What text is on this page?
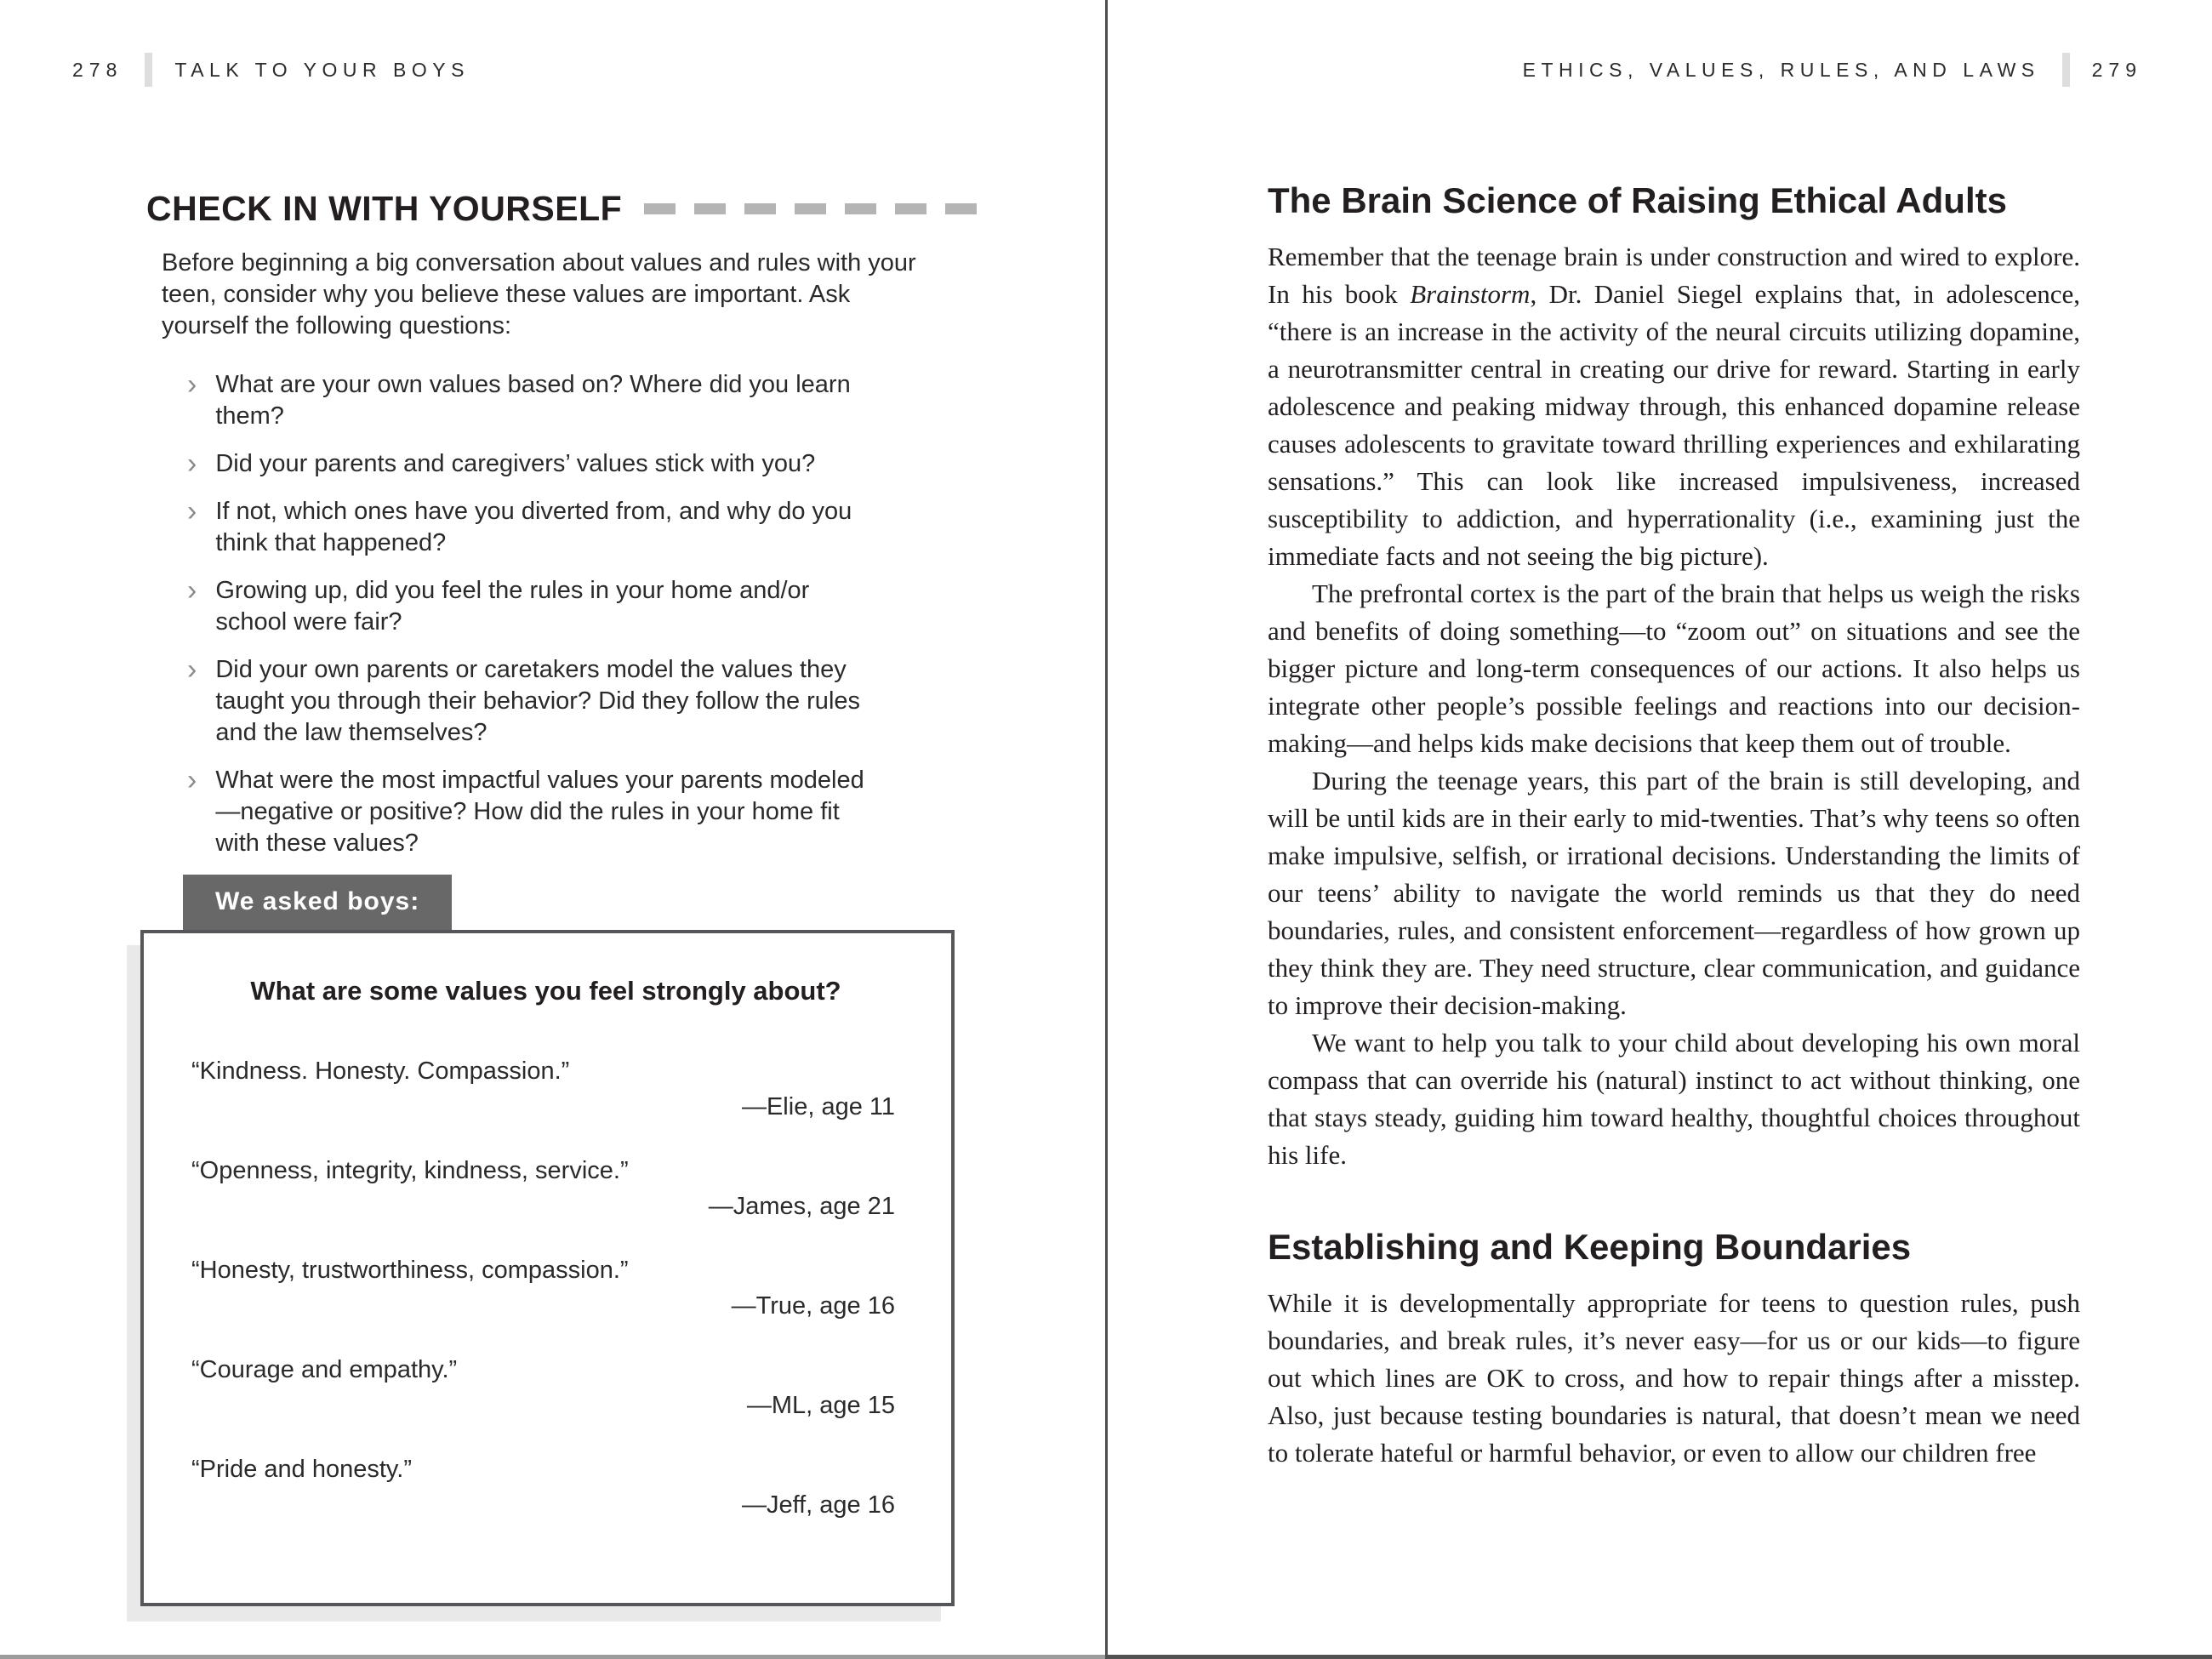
278	TALK TO YOUR BOYS
CHECK IN WITH YOURSELF

Before beginning a big conversation about values and rules with your teen, consider why you believe these values are important. Ask yourself the following questions:

› What are your own values based on? Where did you learn them?
› Did your parents and caregivers’ values stick with you?
› If not, which ones have you diverted from, and why do you think that happened?
› Growing up, did you feel the rules in your home and/or school were fair?
› Did your own parents or caretakers model the values they taught you through their behavior? Did they follow the rules and the law themselves?
› What were the most impactful values your parents modeled—negative or positive? How did the rules in your home fit with these values?
We asked boys:
What are some values you feel strongly about?
“Kindness. Honesty. Compassion.”
—Elie, age 11
“Openness, integrity, kindness, service.”
—James, age 21
“Honesty, trustworthiness, compassion.”
—True, age 16
“Courage and empathy.”
—ML, age 15
“Pride and honesty.”
—Jeff, age 16
ETHICS, VALUES, RULES, AND LAWS	279
The Brain Science of Raising Ethical Adults

Remember that the teenage brain is under construction and wired to explore. In his book Brainstorm, Dr. Daniel Siegel explains that, in adolescence, “there is an increase in the activity of the neural circuits utilizing dopamine, a neurotransmitter central in creating our drive for reward. Starting in early adolescence and peaking midway through, this enhanced dopamine release causes adolescents to gravitate toward thrilling experiences and exhilarating sensations.” This can look like increased impulsiveness, increased susceptibility to addiction, and hyperrationality (i.e., examining just the immediate facts and not seeing the big picture).

The prefrontal cortex is the part of the brain that helps us weigh the risks and benefits of doing something—to “zoom out” on situations and see the bigger picture and long-term consequences of our actions. It also helps us integrate other people’s possible feelings and reactions into our decision-making—and helps kids make decisions that keep them out of trouble.

During the teenage years, this part of the brain is still developing, and will be until kids are in their early to mid-twenties. That’s why teens so often make impulsive, selfish, or irrational decisions. Understanding the limits of our teens’ ability to navigate the world reminds us that they do need boundaries, rules, and consistent enforcement—regardless of how grown up they think they are. They need structure, clear communication, and guidance to improve their decision-making.

We want to help you talk to your child about developing his own moral compass that can override his (natural) instinct to act without thinking, one that stays steady, guiding him toward healthy, thoughtful choices throughout his life.

Establishing and Keeping Boundaries

While it is developmentally appropriate for teens to question rules, push boundaries, and break rules, it’s never easy—for us or our kids—to figure out which lines are OK to cross, and how to repair things after a misstep. Also, just because testing boundaries is natural, that doesn’t mean we need to tolerate hateful or harmful behavior, or even to allow our children free
